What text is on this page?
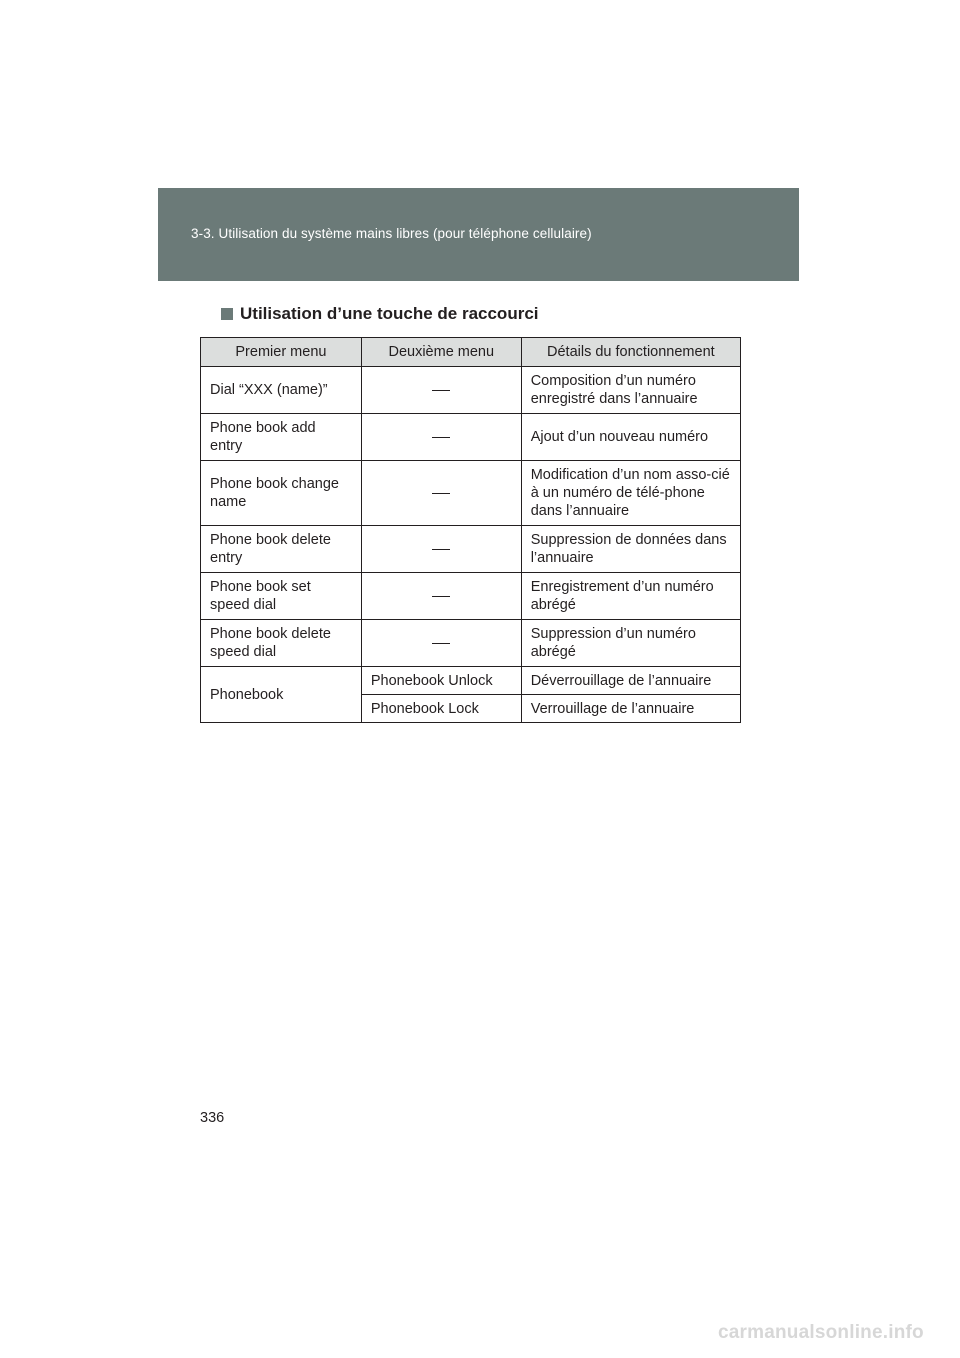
3-3. Utilisation du système mains libres (pour téléphone cellulaire)
Utilisation d’une touche de raccourci
Premier menu	Deuxième menu	Détails du fonctionnement
Dial “XXX (name)”		Composition d’un numéro enregistré dans l’annuaire
Phone book add entry		Ajout d’un nouveau numéro
Phone book change name		Modification d’un nom asso-cié à un numéro de télé-phone dans l’annuaire
Phone book delete entry		Suppression de données dans l’annuaire
Phone book set speed dial		Enregistrement d’un numéro abrégé
Phone book delete speed dial		Suppression d’un numéro abrégé
Phonebook	Phonebook Unlock	Déverrouillage de l’annuaire
	Phonebook Lock	Verrouillage de l’annuaire
336
carmanualsonline.info
